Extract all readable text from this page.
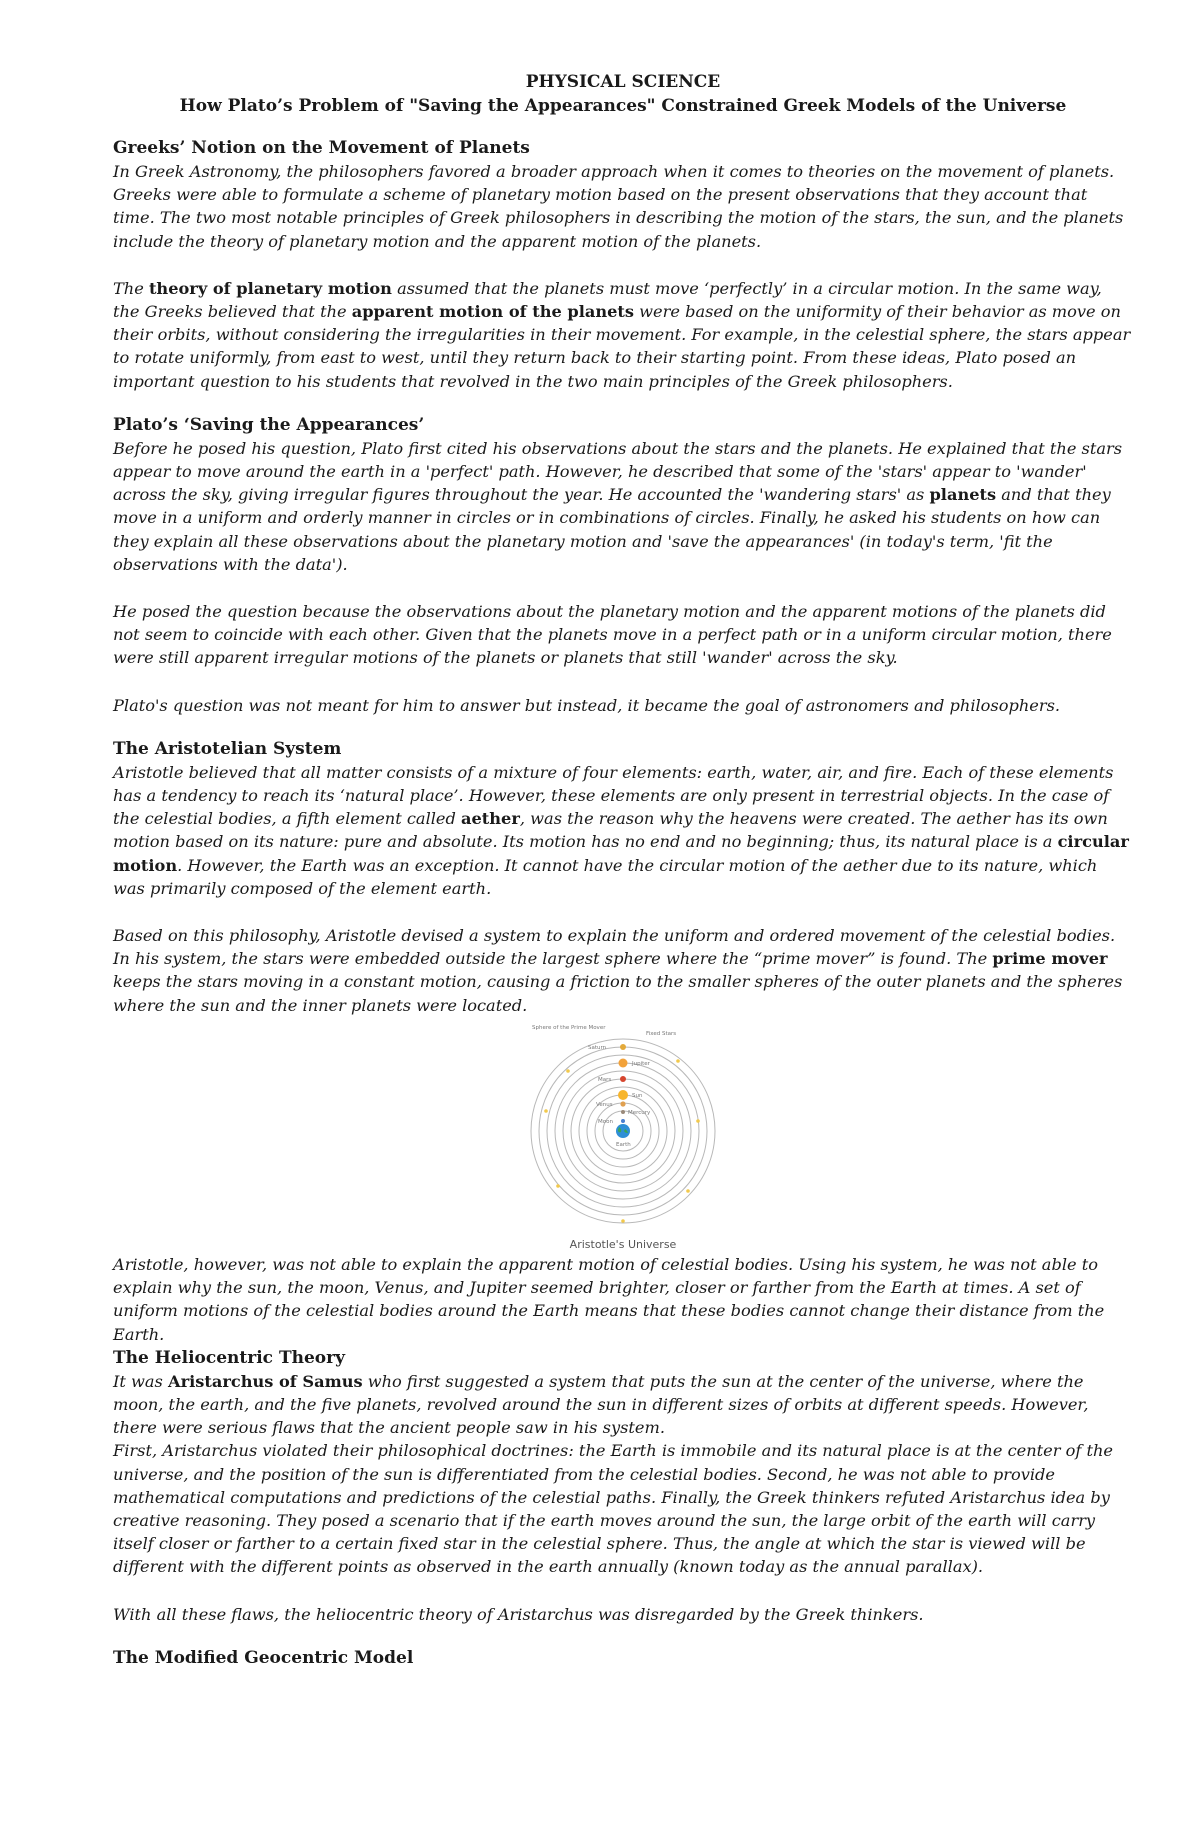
PHYSICAL SCIENCE
How Plato’s Problem of "Saving the Appearances" Constrained Greek Models of the Universe
Greeks’ Notion on the Movement of Planets

In Greek Astronomy, the philosophers favored a broader approach when it comes to theories on the movement of planets. Greeks were able to formulate a scheme of planetary motion based on the present observations that they account that time. The two most notable principles of Greek philosophers in describing the motion of the stars, the sun, and the planets include the theory of planetary motion and the apparent motion of the planets.

The theory of planetary motion assumed that the planets must move ‘perfectly’ in a circular motion. In the same way, the Greeks believed that the apparent motion of the planets were based on the uniformity of their behavior as move on their orbits, without considering the irregularities in their movement. For example, in the celestial sphere, the stars appear to rotate uniformly, from east to west, until they return back to their starting point. From these ideas, Plato posed an important question to his students that revolved in the two main principles of the Greek philosophers.

Plato’s ‘Saving the Appearances’

Before he posed his question, Plato first cited his observations about the stars and the planets. He explained that the stars appear to move around the earth in a 'perfect' path. However, he described that some of the 'stars' appear to 'wander' across the sky, giving irregular figures throughout the year. He accounted the 'wandering stars' as planets and that they move in a uniform and orderly manner in circles or in combinations of circles. Finally, he asked his students on how can they explain all these observations about the planetary motion and 'save the appearances' (in today's term, 'fit the observations with the data').

He posed the question because the observations about the planetary motion and the apparent motions of the planets did not seem to coincide with each other. Given that the planets move in a perfect path or in a uniform circular motion, there were still apparent irregular motions of the planets or planets that still 'wander' across the sky.

Plato's question was not meant for him to answer but instead, it became the goal of astronomers and philosophers.

The Aristotelian System

Aristotle believed that all matter consists of a mixture of four elements: earth, water, air, and fire. Each of these elements has a tendency to reach its ‘natural place’. However, these elements are only present in terrestrial objects. In the case of the celestial bodies, a fifth element called aether, was the reason why the heavens were created. The aether has its own motion based on its nature: pure and absolute. Its motion has no end and no beginning; thus, its natural place is a circular motion. However, the Earth was an exception. It cannot have the circular motion of the aether due to its nature, which was primarily composed of the element earth.

Based on this philosophy, Aristotle devised a system to explain the uniform and ordered movement of the celestial bodies. In his system, the stars were embedded outside the largest sphere where the “prime mover” is found. The prime mover keeps the stars moving in a constant motion, causing a friction to the smaller spheres of the outer planets and the spheres where the sun and the inner planets were located.

Sphere of the Prime Mover
Fixed Stars
Saturn
Jupiter
Mars
Sun
Venus
Mercury
Moon
Earth
Aristotle's Universe

Aristotle, however, was not able to explain the apparent motion of celestial bodies. Using his system, he was not able to explain why the sun, the moon, Venus, and Jupiter seemed brighter, closer or farther from the Earth at times. A set of uniform motions of the celestial bodies around the Earth means that these bodies cannot change their distance from the Earth.

The Heliocentric Theory

It was Aristarchus of Samus who first suggested a system that puts the sun at the center of the universe, where the moon, the earth, and the five planets, revolved around the sun in different sizes of orbits at different speeds. However, there were serious flaws that the ancient people saw in his system.

First, Aristarchus violated their philosophical doctrines: the Earth is immobile and its natural place is at the center of the universe, and the position of the sun is differentiated from the celestial bodies. Second, he was not able to provide mathematical computations and predictions of the celestial paths. Finally, the Greek thinkers refuted Aristarchus idea by creative reasoning. They posed a scenario that if the earth moves around the sun, the large orbit of the earth will carry itself closer or farther to a certain fixed star in the celestial sphere. Thus, the angle at which the star is viewed will be different with the different points as observed in the earth annually (known today as the annual parallax).

With all these flaws, the heliocentric theory of Aristarchus was disregarded by the Greek thinkers.

The Modified Geocentric Model
